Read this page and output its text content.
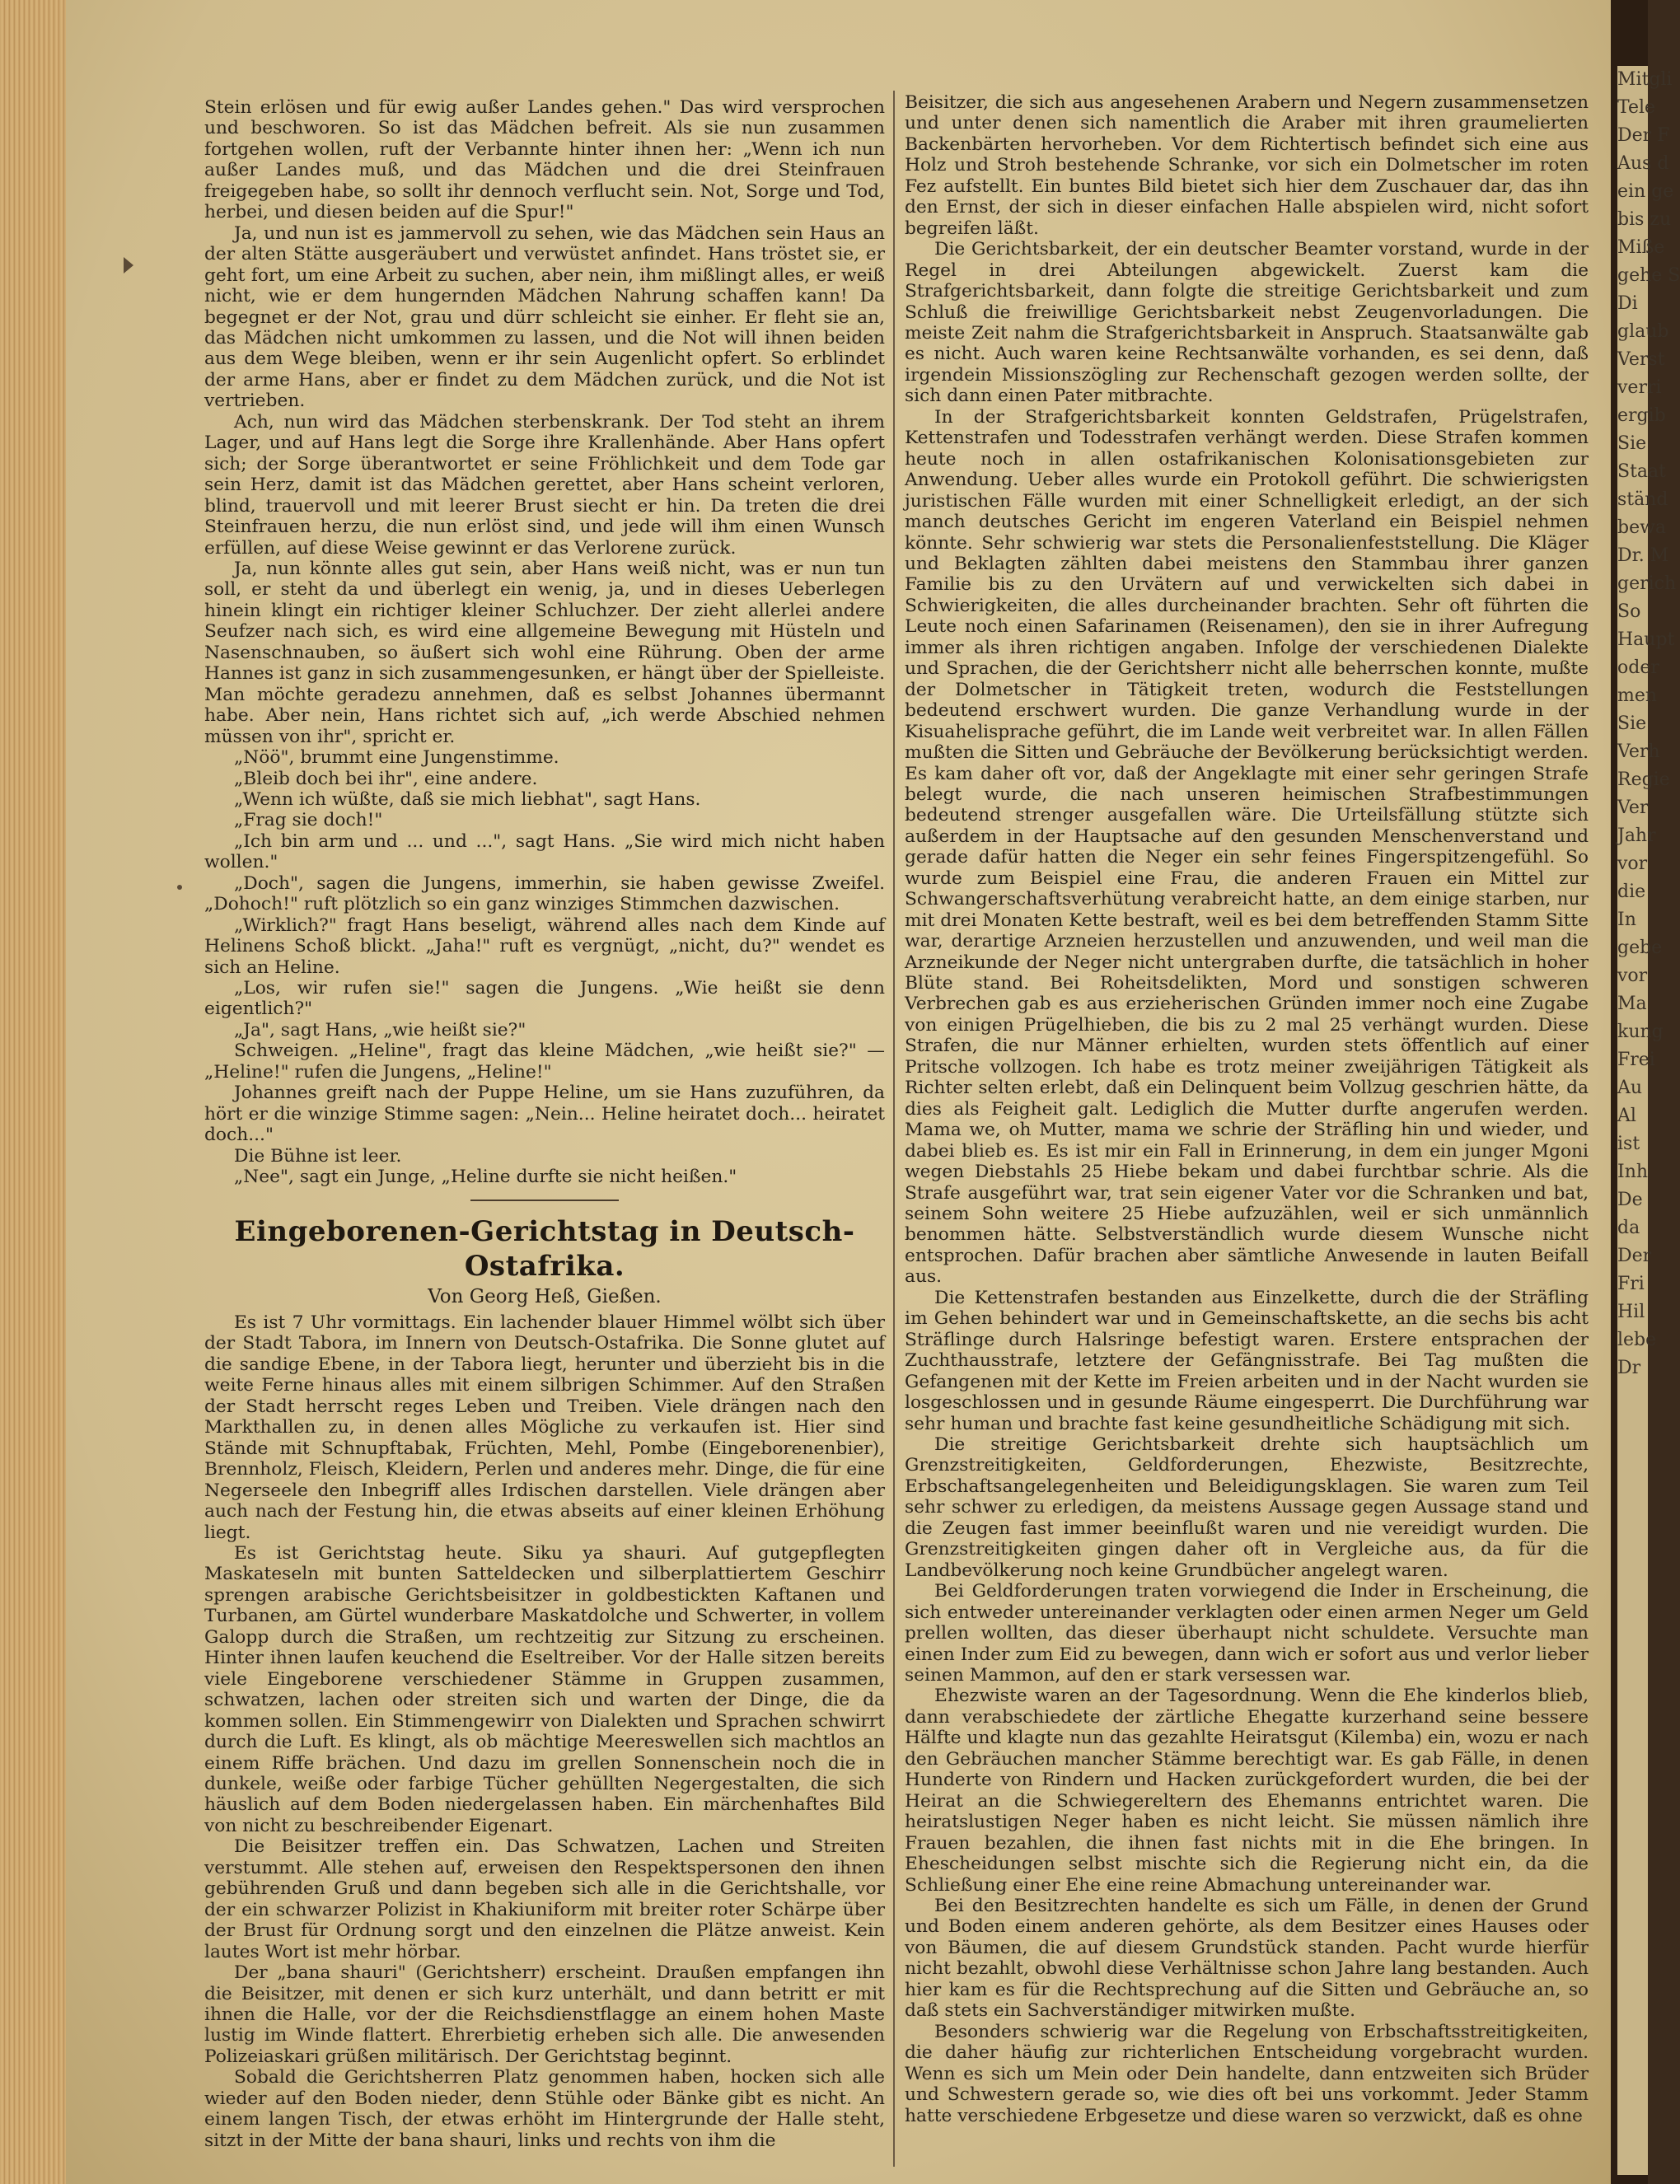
Stein erlösen und für ewig außer Landes gehen." Das wird versprochen und beschworen. So ist das Mädchen befreit. Als sie nun zusammen fortgehen wollen, ruft der Verbannte hinter ihnen her: „Wenn ich nun außer Landes muß, und das Mädchen und die drei Steinfrauen freigegeben habe, so sollt ihr dennoch verflucht sein. Not, Sorge und Tod, herbei, und diesen beiden auf die Spur!"

Ja, und nun ist es jammervoll zu sehen, wie das Mädchen sein Haus an der alten Stätte ausgeräubert und verwüstet anfindet. Hans tröstet sie, er geht fort, um eine Arbeit zu suchen, aber nein, ihm mißlingt alles, er weiß nicht, wie er dem hungernden Mädchen Nahrung schaffen kann! Da begegnet er der Not, grau und dürr schleicht sie einher. Er fleht sie an, das Mädchen nicht umkommen zu lassen, und die Not will ihnen beiden aus dem Wege bleiben, wenn er ihr sein Augenlicht opfert. So erblindet der arme Hans, aber er findet zu dem Mädchen zurück, und die Not ist vertrieben.

Ach, nun wird das Mädchen sterbenskrank. Der Tod steht an ihrem Lager, und auf Hans legt die Sorge ihre Krallenhände. Aber Hans opfert sich; der Sorge überantwortet er seine Fröhlichkeit und dem Tode gar sein Herz, damit ist das Mädchen gerettet, aber Hans scheint verloren, blind, trauervoll und mit leerer Brust siecht er hin. Da treten die drei Steinfrauen herzu, die nun erlöst sind, und jede will ihm einen Wunsch erfüllen, auf diese Weise gewinnt er das Verlorene zurück.

Ja, nun könnte alles gut sein, aber Hans weiß nicht, was er nun tun soll, er steht da und überlegt ein wenig, ja, und in dieses Ueberlegen hinein klingt ein richtiger kleiner Schluchzer. Der zieht allerlei andere Seufzer nach sich, es wird eine allgemeine Bewegung mit Hüsteln und Nasenschnauben, so äußert sich wohl eine Rührung. Oben der arme Hannes ist ganz in sich zusammengesunken, er hängt über der Spielleiste. Man möchte geradezu annehmen, daß es selbst Johannes übermannt habe. Aber nein, Hans richtet sich auf, „ich werde Abschied nehmen müssen von ihr", spricht er.

„Nöö", brummt eine Jungenstimme.

„Bleib doch bei ihr", eine andere.

„Wenn ich wüßte, daß sie mich liebhat", sagt Hans.

„Frag sie doch!"

„Ich bin arm und ... und ...", sagt Hans. „Sie wird mich nicht haben wollen."

„Doch", sagen die Jungens, immerhin, sie haben gewisse Zweifel. „Dohoch!" ruft plötzlich so ein ganz winziges Stimmchen dazwischen.

„Wirklich?" fragt Hans beseligt, während alles nach dem Kinde auf Helinens Schoß blickt. „Jaha!" ruft es vergnügt, „nicht, du?" wendet es sich an Heline.

„Los, wir rufen sie!" sagen die Jungens. „Wie heißt sie denn eigentlich?"

„Ja", sagt Hans, „wie heißt sie?"

Schweigen. „Heline", fragt das kleine Mädchen, „wie heißt sie?" — „Heline!" rufen die Jungens, „Heline!"

Johannes greift nach der Puppe Heline, um sie Hans zuzuführen, da hört er die winzige Stimme sagen: „Nein... Heline heiratet doch... heiratet doch..."

Die Bühne ist leer.

„Nee", sagt ein Junge, „Heline durfte sie nicht heißen."

Eingeborenen-Gerichtstag in Deutsch-Ostafrika.
Von Georg Heß, Gießen.

Es ist 7 Uhr vormittags. Ein lachender blauer Himmel wölbt sich über der Stadt Tabora, im Innern von Deutsch-Ostafrika. Die Sonne glutet auf die sandige Ebene, in der Tabora liegt, herunter und überzieht bis in die weite Ferne hinaus alles mit einem silbrigen Schimmer. Auf den Straßen der Stadt herrscht reges Leben und Treiben. Viele drängen nach den Markthallen zu, in denen alles Mögliche zu verkaufen ist. Hier sind Stände mit Schnupftabak, Früchten, Mehl, Pombe (Eingeborenenbier), Brennholz, Fleisch, Kleidern, Perlen und anderes mehr. Dinge, die für eine Negerseele den Inbegriff alles Irdischen darstellen. Viele drängen aber auch nach der Festung hin, die etwas abseits auf einer kleinen Erhöhung liegt.

Es ist Gerichtstag heute. Siku ya shauri. Auf gutgepflegten Maskatеseln mit bunten Satteldecken und silberplattiertem Geschirr sprengen arabische Gerichtsbeisitzer in goldbestickten Kaftanen und Turbanen, am Gürtel wunderbare Maskatdolche und Schwerter, in vollem Galopp durch die Straßen, um rechtzeitig zur Sitzung zu erscheinen. Hinter ihnen laufen keuchend die Eseltreiber. Vor der Halle sitzen bereits viele Eingeborene verschiedener Stämme in Gruppen zusammen, schwatzen, lachen oder streiten sich und warten der Dinge, die da kommen sollen. Ein Stimmengewirr von Dialekten und Sprachen schwirrt durch die Luft. Es klingt, als ob mächtige Meereswellen sich machtlos an einem Riffe brächen. Und dazu im grellen Sonnenschein noch die in dunkele, weiße oder farbige Tücher gehüllten Negergestalten, die sich häuslich auf dem Boden niedergelassen haben. Ein märchenhaftes Bild von nicht zu beschreibender Eigenart.

Die Beisitzer treffen ein. Das Schwatzen, Lachen und Streiten verstummt. Alle stehen auf, erweisen den Respektspersonen den ihnen gebührenden Gruß und dann begeben sich alle in die Gerichtshalle, vor der ein schwarzer Polizist in Khakiuniform mit breiter roter Schärpe über der Brust für Ordnung sorgt und den einzelnen die Plätze anweist. Kein lautes Wort ist mehr hörbar.

Der „bana shauri" (Gerichtsherr) erscheint. Draußen empfangen ihn die Beisitzer, mit denen er sich kurz unterhält, und dann betritt er mit ihnen die Halle, vor der die Reichsdienstflagge an einem hohen Maste lustig im Winde flattert. Ehrerbietig erheben sich alle. Die anwesenden Polizeiaskari grüßen militärisch. Der Gerichtstag beginnt.

Sobald die Gerichtsherren Platz genommen haben, hocken sich alle wieder auf den Boden nieder, denn Stühle oder Bänke gibt es nicht. An einem langen Tisch, der etwas erhöht im Hintergrunde der Halle steht, sitzt in der Mitte der bana shauri, links und rechts von ihm die

Beisitzer, die sich aus angesehenen Arabern und Negern zusammensetzen und unter denen sich namentlich die Araber mit ihren graumelierten Backenbärten hervorheben. Vor dem Richtertisch befindet sich eine aus Holz und Stroh bestehende Schranke, vor sich ein Dolmetscher im roten Fez aufstellt. Ein buntes Bild bietet sich hier dem Zuschauer dar, das ihn den Ernst, der sich in dieser einfachen Halle abspielen wird, nicht sofort begreifen läßt.

Die Gerichtsbarkeit, der ein deutscher Beamter vorstand, wurde in der Regel in drei Abteilungen abgewickelt. Zuerst kam die Strafgerichtsbarkeit, dann folgte die streitige Gerichtsbarkeit und zum Schluß die freiwillige Gerichtsbarkeit nebst Zeugenvorladungen. Die meiste Zeit nahm die Strafgerichtsbarkeit in Anspruch. Staatsanwälte gab es nicht. Auch waren keine Rechtsanwälte vorhanden, es sei denn, daß irgendein Missionszögling zur Rechenschaft gezogen werden sollte, der sich dann einen Pater mitbrachte.

In der Strafgerichtsbarkeit konnten Geldstrafen, Prügelstrafen, Kettenstrafen und Todesstrafen verhängt werden. Diese Strafen kommen heute noch in allen ostafrikanischen Kolonisationsgebieten zur Anwendung. Ueber alles wurde ein Protokoll geführt. Die schwierigsten juristischen Fälle wurden mit einer Schnelligkeit erledigt, an der sich manch deutsches Gericht im engeren Vaterland ein Beispiel nehmen könnte. Sehr schwierig war stets die Personalienfeststellung. Die Kläger und Beklagten zählten dabei meistens den Stammbau ihrer ganzen Familie bis zu den Urvätern auf und verwickelten sich dabei in Schwierigkeiten, die alles durcheinander brachten. Sehr oft führten die Leute noch einen Safarinamen (Reisenamen), den sie in ihrer Aufregung immer als ihren richtigen angaben. Infolge der verschiedenen Dialekte und Sprachen, die der Gerichtsherr nicht alle beherrschen konnte, mußte der Dolmetscher in Tätigkeit treten, wodurch die Feststellungen bedeutend erschwert wurden. Die ganze Verhandlung wurde in der Kisuahelisprache geführt, die im Lande weit verbreitet war. In allen Fällen mußten die Sitten und Gebräuche der Bevölkerung berücksichtigt werden. Es kam daher oft vor, daß der Angeklagte mit einer sehr geringen Strafe belegt wurde, die nach unseren heimischen Strafbestimmungen bedeutend strenger ausgefallen wäre. Die Urteilsfällung stützte sich außerdem in der Hauptsache auf den gesunden Menschenverstand und gerade dafür hatten die Neger ein sehr feines Fingerspitzengefühl. So wurde zum Beispiel eine Frau, die anderen Frauen ein Mittel zur Schwangerschaftsverhütung verabreicht hatte, an dem einige starben, nur mit drei Monaten Kette bestraft, weil es bei dem betreffenden Stamm Sitte war, derartige Arzneien herzustellen und anzuwenden, und weil man die Arzneikunde der Neger nicht untergraben durfte, die tatsächlich in hoher Blüte stand. Bei Roheitsdelikten, Mord und sonstigen schweren Verbrechen gab es aus erzieherischen Gründen immer noch eine Zugabe von einigen Prügelhieben, die bis zu 2 mal 25 verhängt wurden. Diese Strafen, die nur Männer erhielten, wurden stets öffentlich auf einer Pritsche vollzogen. Ich habe es trotz meiner zweijährigen Tätigkeit als Richter selten erlebt, daß ein Delinquent beim Vollzug geschrien hätte, da dies als Feigheit galt. Lediglich die Mutter durfte angerufen werden. Mama we, oh Mutter, mama we schrie der Sträfling hin und wieder, und dabei blieb es. Es ist mir ein Fall in Erinnerung, in dem ein junger Mgoni wegen Diebstahls 25 Hiebe bekam und dabei furchtbar schrie. Als die Strafe ausgeführt war, trat sein eigener Vater vor die Schranken und bat, seinem Sohn weitere 25 Hiebe aufzuzählen, weil er sich unmännlich benommen hätte. Selbstverständlich wurde diesem Wunsche nicht entsprochen. Dafür brachen aber sämtliche Anwesende in lauten Beifall aus.

Die Kettenstrafen bestanden aus Einzelkette, durch die der Sträfling im Gehen behindert war und in Gemeinschaftskette, an die sechs bis acht Sträflinge durch Halsringe befestigt waren. Erstere entsprachen der Zuchthausstrafe, letztere der Gefängnisstrafe. Bei Tag mußten die Gefangenen mit der Kette im Freien arbeiten und in der Nacht wurden sie losgeschlossen und in gesunde Räume eingesperrt. Die Durchführung war sehr human und brachte fast keine gesundheitliche Schädigung mit sich.

Die streitige Gerichtsbarkeit drehte sich hauptsächlich um Grenzstreitigkeiten, Geldforderungen, Ehezwiste, Besitzrechte, Erbschaftsangelegenheiten und Beleidigungsklagen. Sie waren zum Teil sehr schwer zu erledigen, da meistens Aussage gegen Aussage stand und die Zeugen fast immer beeinflußt waren und nie vereidigt wurden. Die Grenzstreitigkeiten gingen daher oft in Vergleiche aus, da für die Landbevölkerung noch keine Grundbücher angelegt waren.

Bei Geldforderungen traten vorwiegend die Inder in Erscheinung, die sich entweder untereinander verklagten oder einen armen Neger um Geld prellen wollten, das dieser überhaupt nicht schuldete. Versuchte man einen Inder zum Eid zu bewegen, dann wich er sofort aus und verlor lieber seinen Mammon, auf den er stark versessen war.

Ehezwiste waren an der Tagesordnung. Wenn die Ehe kinderlos blieb, dann verabschiedete der zärtliche Ehegatte kurzerhand seine bessere Hälfte und klagte nun das gezahlte Heiratsgut (Kilemba) ein, wozu er nach den Gebräuchen mancher Stämme berechtigt war. Es gab Fälle, in denen Hunderte von Rindern und Hacken zurückgefordert wurden, die bei der Heirat an die Schwiegereltern des Ehemanns entrichtet waren. Die heiratslustigen Neger haben es nicht leicht. Sie müssen nämlich ihre Frauen bezahlen, die ihnen fast nichts mit in die Ehe bringen. In Ehescheidungen selbst mischte sich die Regierung nicht ein, da die Schließung einer Ehe eine reine Abmachung untereinander war.

Bei den Besitzrechten handelte es sich um Fälle, in denen der Grund und Boden einem anderen gehörte, als dem Besitzer eines Hauses oder von Bäumen, die auf diesem Grundstück standen. Pacht wurde hierfür nicht bezahlt, obwohl diese Verhältnisse schon Jahre lang bestanden. Auch hier kam es für die Rechtsprechung auf die Sitten und Gebräuche an, so daß stets ein Sachverständiger mitwirken mußte.

Besonders schwierig war die Regelung von Erbschaftsstreitigkeiten, die daher häufig zur richterlichen Entscheidung vorgebracht wurden. Wenn es sich um Mein oder Dein handelte, dann entzweiten sich Brüder und Schwestern gerade so, wie dies oft bei uns vorkommt. Jeder Stamm hatte verschiedene Erbgesetze und diese waren so verzwickt, daß es ohne

Mitgli
Tele
Der F
Aus d
ein ge
bis zu
Miße
gehe S
Di
glaub
Verst
verri
ergib
Sie
Staat
ständ
bewa
Dr. M
gerich
So
Haupt
oder
men
Sie
Verh
Regie
Ver
Jahr
vor
die
In
gebe
vor
Ma
kung
Frei
Au
Al
ist
Inh
De
da
Der
Fri
Hil
lebe
Dr
